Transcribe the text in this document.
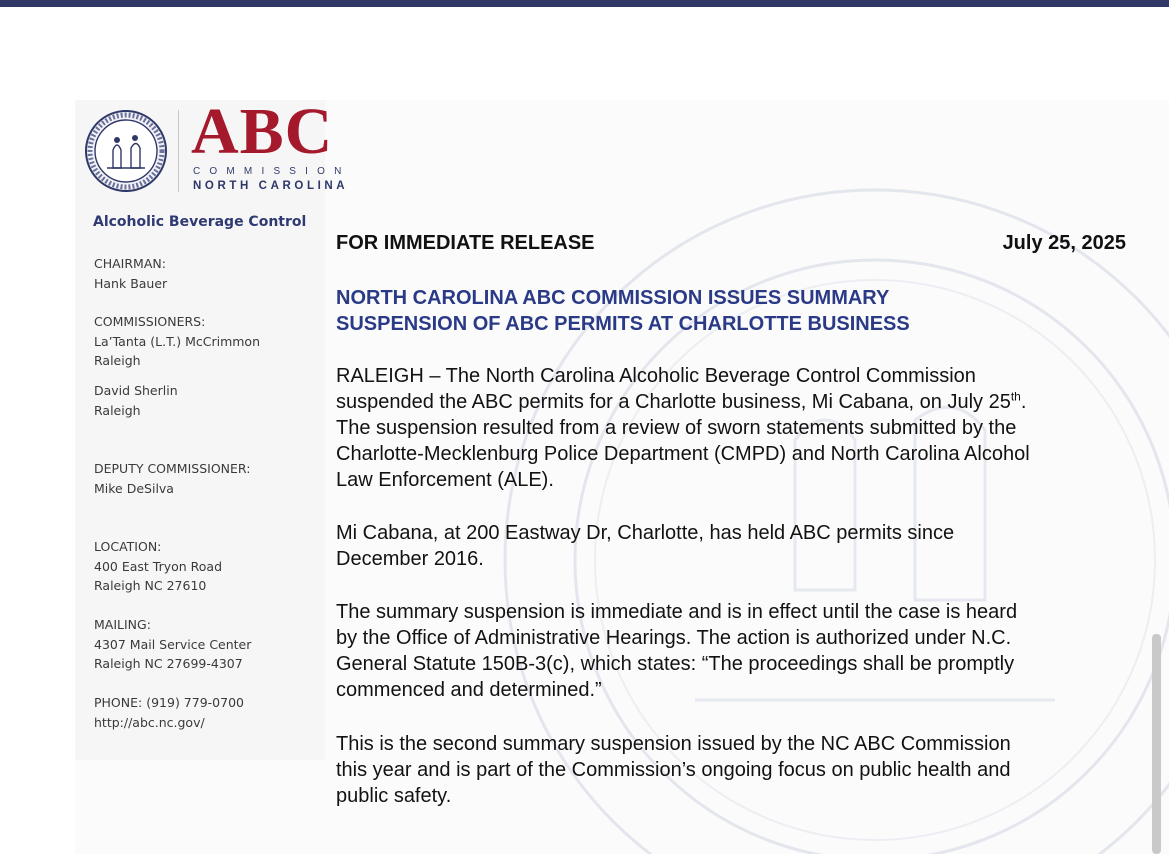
ABC
COMMISSION
NORTH CAROLINA
Alcoholic Beverage Control
CHAIRMAN:
Hank Bauer
COMMISSIONERS:
La’Tanta (L.T.) McCrimmon
Raleigh
David Sherlin
Raleigh
DEPUTY COMMISSIONER:
Mike DeSilva
LOCATION:
400 East Tryon Road
Raleigh NC 27610
MAILING:
4307 Mail Service Center
Raleigh NC 27699-4307
PHONE: (919) 779-0700
http://abc.nc.gov/
FOR IMMEDIATE RELEASE	July 25, 2025
NORTH CAROLINA ABC COMMISSION ISSUES SUMMARY
SUSPENSION OF ABC PERMITS AT CHARLOTTE BUSINESS
RALEIGH – The North Carolina Alcoholic Beverage Control Commission
suspended the ABC permits for a Charlotte business, Mi Cabana, on July 25th.
The suspension resulted from a review of sworn statements submitted by the
Charlotte-Mecklenburg Police Department (CMPD) and North Carolina Alcohol
Law Enforcement (ALE).
Mi Cabana, at 200 Eastway Dr, Charlotte, has held ABC permits since
December 2016.
The summary suspension is immediate and is in effect until the case is heard
by the Office of Administrative Hearings. The action is authorized under N.C.
General Statute 150B-3(c), which states: “The proceedings shall be promptly
commenced and determined.”
This is the second summary suspension issued by the NC ABC Commission
this year and is part of the Commission’s ongoing focus on public health and
public safety.
